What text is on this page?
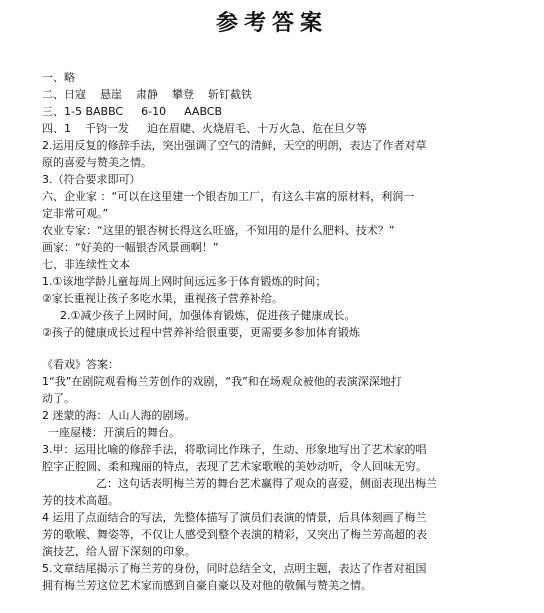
参考答案
一、略
二、日寇 悬崖 肃静 攀登 斩钉截铁
三、1-5 BABBC 6-10 AABCB
四、1 千钧一发 迫在眉睫、火烧眉毛、十万火急、危在旦夕等
2.运用反复的修辞手法，突出强调了空气的清鲜，天空的明朗，表达了作者对草
原的喜爱与赞美之情。
3.（符合要求即可）
六、企业家 ：“可以在这里建一个银杏加工厂，有这么丰富的原材料，利润一
定非常可观。”
农业专家：“这里的银杏树长得这么旺盛，不知用的是什么肥料、技术？”
画家：“好美的一幅银杏风景画啊！”
七、非连续性文本
1.①该地学龄儿童每周上网时间远远多于体育锻炼的时间；
②家长重视让孩子多吃水果，重视孩子营养补给。
2.①减少孩子上网时间，加强体育锻炼，促进孩子健康成长。
②孩子的健康成长过程中营养补给很重要，更需要多参加体育锻炼
《看戏》答案：
1“我”在剧院观看梅兰芳创作的戏剧，“我”和在场观众被他的表演深深地打
动了。
2 迷蒙的海：人山人海的剧场。
一座屋楼：开演后的舞台。
3.甲：运用比喻的修辞手法，将歌词比作珠子，生动、形象地写出了艺术家的唱
腔字正腔圆、柔和瑰丽的特点，表现了艺术家歌喉的美妙动听，令人回味无穷。
乙：这句话表明梅兰芳的舞台艺术赢得了观众的喜爱，侧面表现出梅兰
芳的技术高超。
4 运用了点面结合的写法，先整体描写了演员们表演的情景，后具体刻画了梅兰
芳的歌喉、舞姿等，不仅让人感受到整个表演的精彩，又突出了梅兰芳高超的表
演技艺，给人留下深刻的印象。
5.文章结尾揭示了梅兰芳的身份，同时总结全文，点明主题，表达了作者对祖国
拥有梅兰芳这位艺术家而感到自豪自豪以及对他的敬佩与赞美之情。
